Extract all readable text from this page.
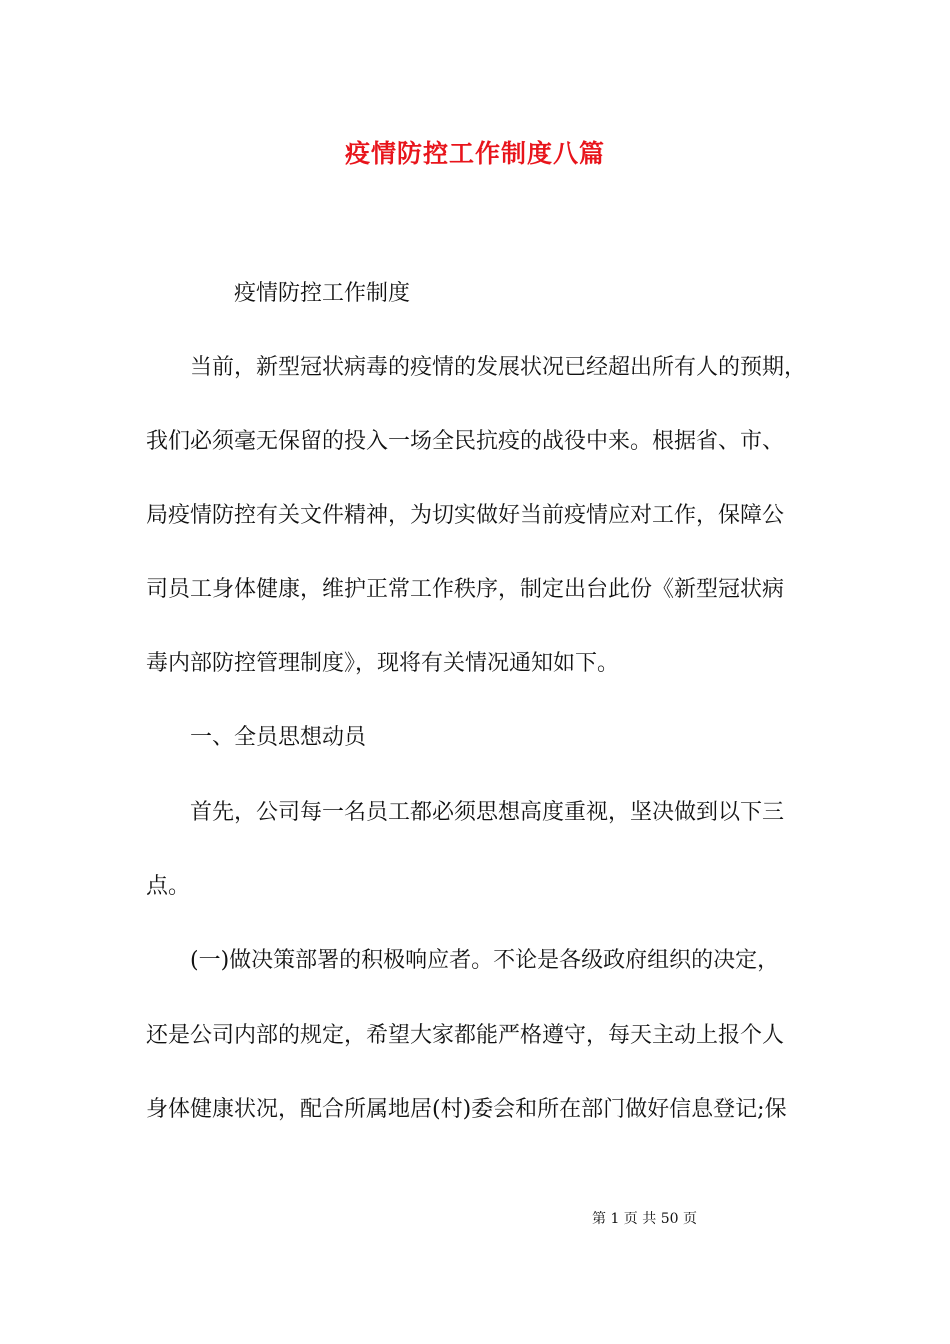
疫情防控工作制度八篇
疫情防控工作制度
当前，新型冠状病毒的疫情的发展状况已经超出所有人的预期，
我们必须毫无保留的投入一场全民抗疫的战役中来。根据省、市、
局疫情防控有关文件精神，为切实做好当前疫情应对工作，保障公
司员工身体健康，维护正常工作秩序，制定出台此份《新型冠状病
毒内部防控管理制度》，现将有关情况通知如下。
一、全员思想动员
首先，公司每一名员工都必须思想高度重视，坚决做到以下三
点。
(一)做决策部署的积极响应者。不论是各级政府组织的决定，
还是公司内部的规定，希望大家都能严格遵守，每天主动上报个人
身体健康状况，配合所属地居(村)委会和所在部门做好信息登记;保
第 1 页 共 50 页
